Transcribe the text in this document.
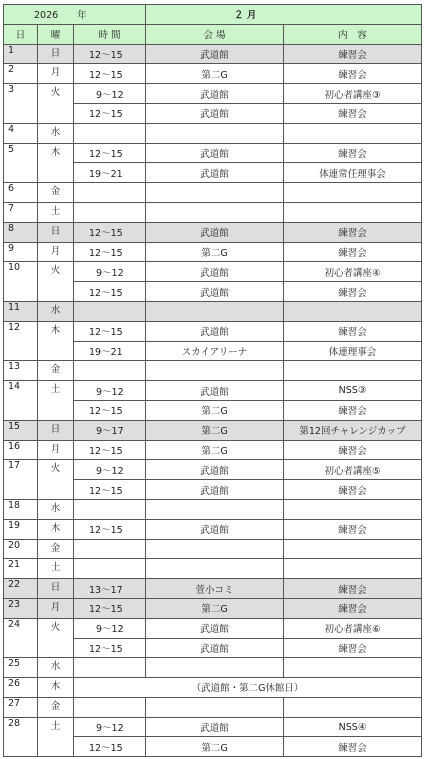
2026　　年			２ 月	
日	曜	時 間	会 場	内　容
1	日	12～15	武道館	練習会
2	月	12～15	第二G	練習会
3	火	9～12	武道館	初心者講座③
		12～15	武道館	練習会
4	水			
5	木	12～15	武道館	練習会
		19～21	武道館	体連常任理事会
6	金			
7	土			
8	日	12～15	武道館	練習会
9	月	12～15	第二G	練習会
10	火	9～12	武道館	初心者講座④
		12～15	武道館	練習会
11	水			
12	木	12～15	武道館	練習会
		19～21	スカイアリーナ	体連理事会
13	金			
14	土	9～12	武道館	NSS③
		12～15	第二G	練習会
15	日	9～17	第二G	第12回チャレンジカップ
16	月	12～15	第二G	練習会
17	火	9～12	武道館	初心者講座⑤
		12～15	武道館	練習会
18	水			
19	木	12～15	武道館	練習会
20	金			
21	土			
22	日	13～17	萱小コミ	練習会
23	月	12～15	第二G	練習会
24	火	9～12	武道館	初心者講座⑥
		12～15	武道館	練習会
25	水			
26	木	（武道館・第二G休館日）		
27	金			
28	土	9～12	武道館	NSS④
		12～15	第二G	練習会
